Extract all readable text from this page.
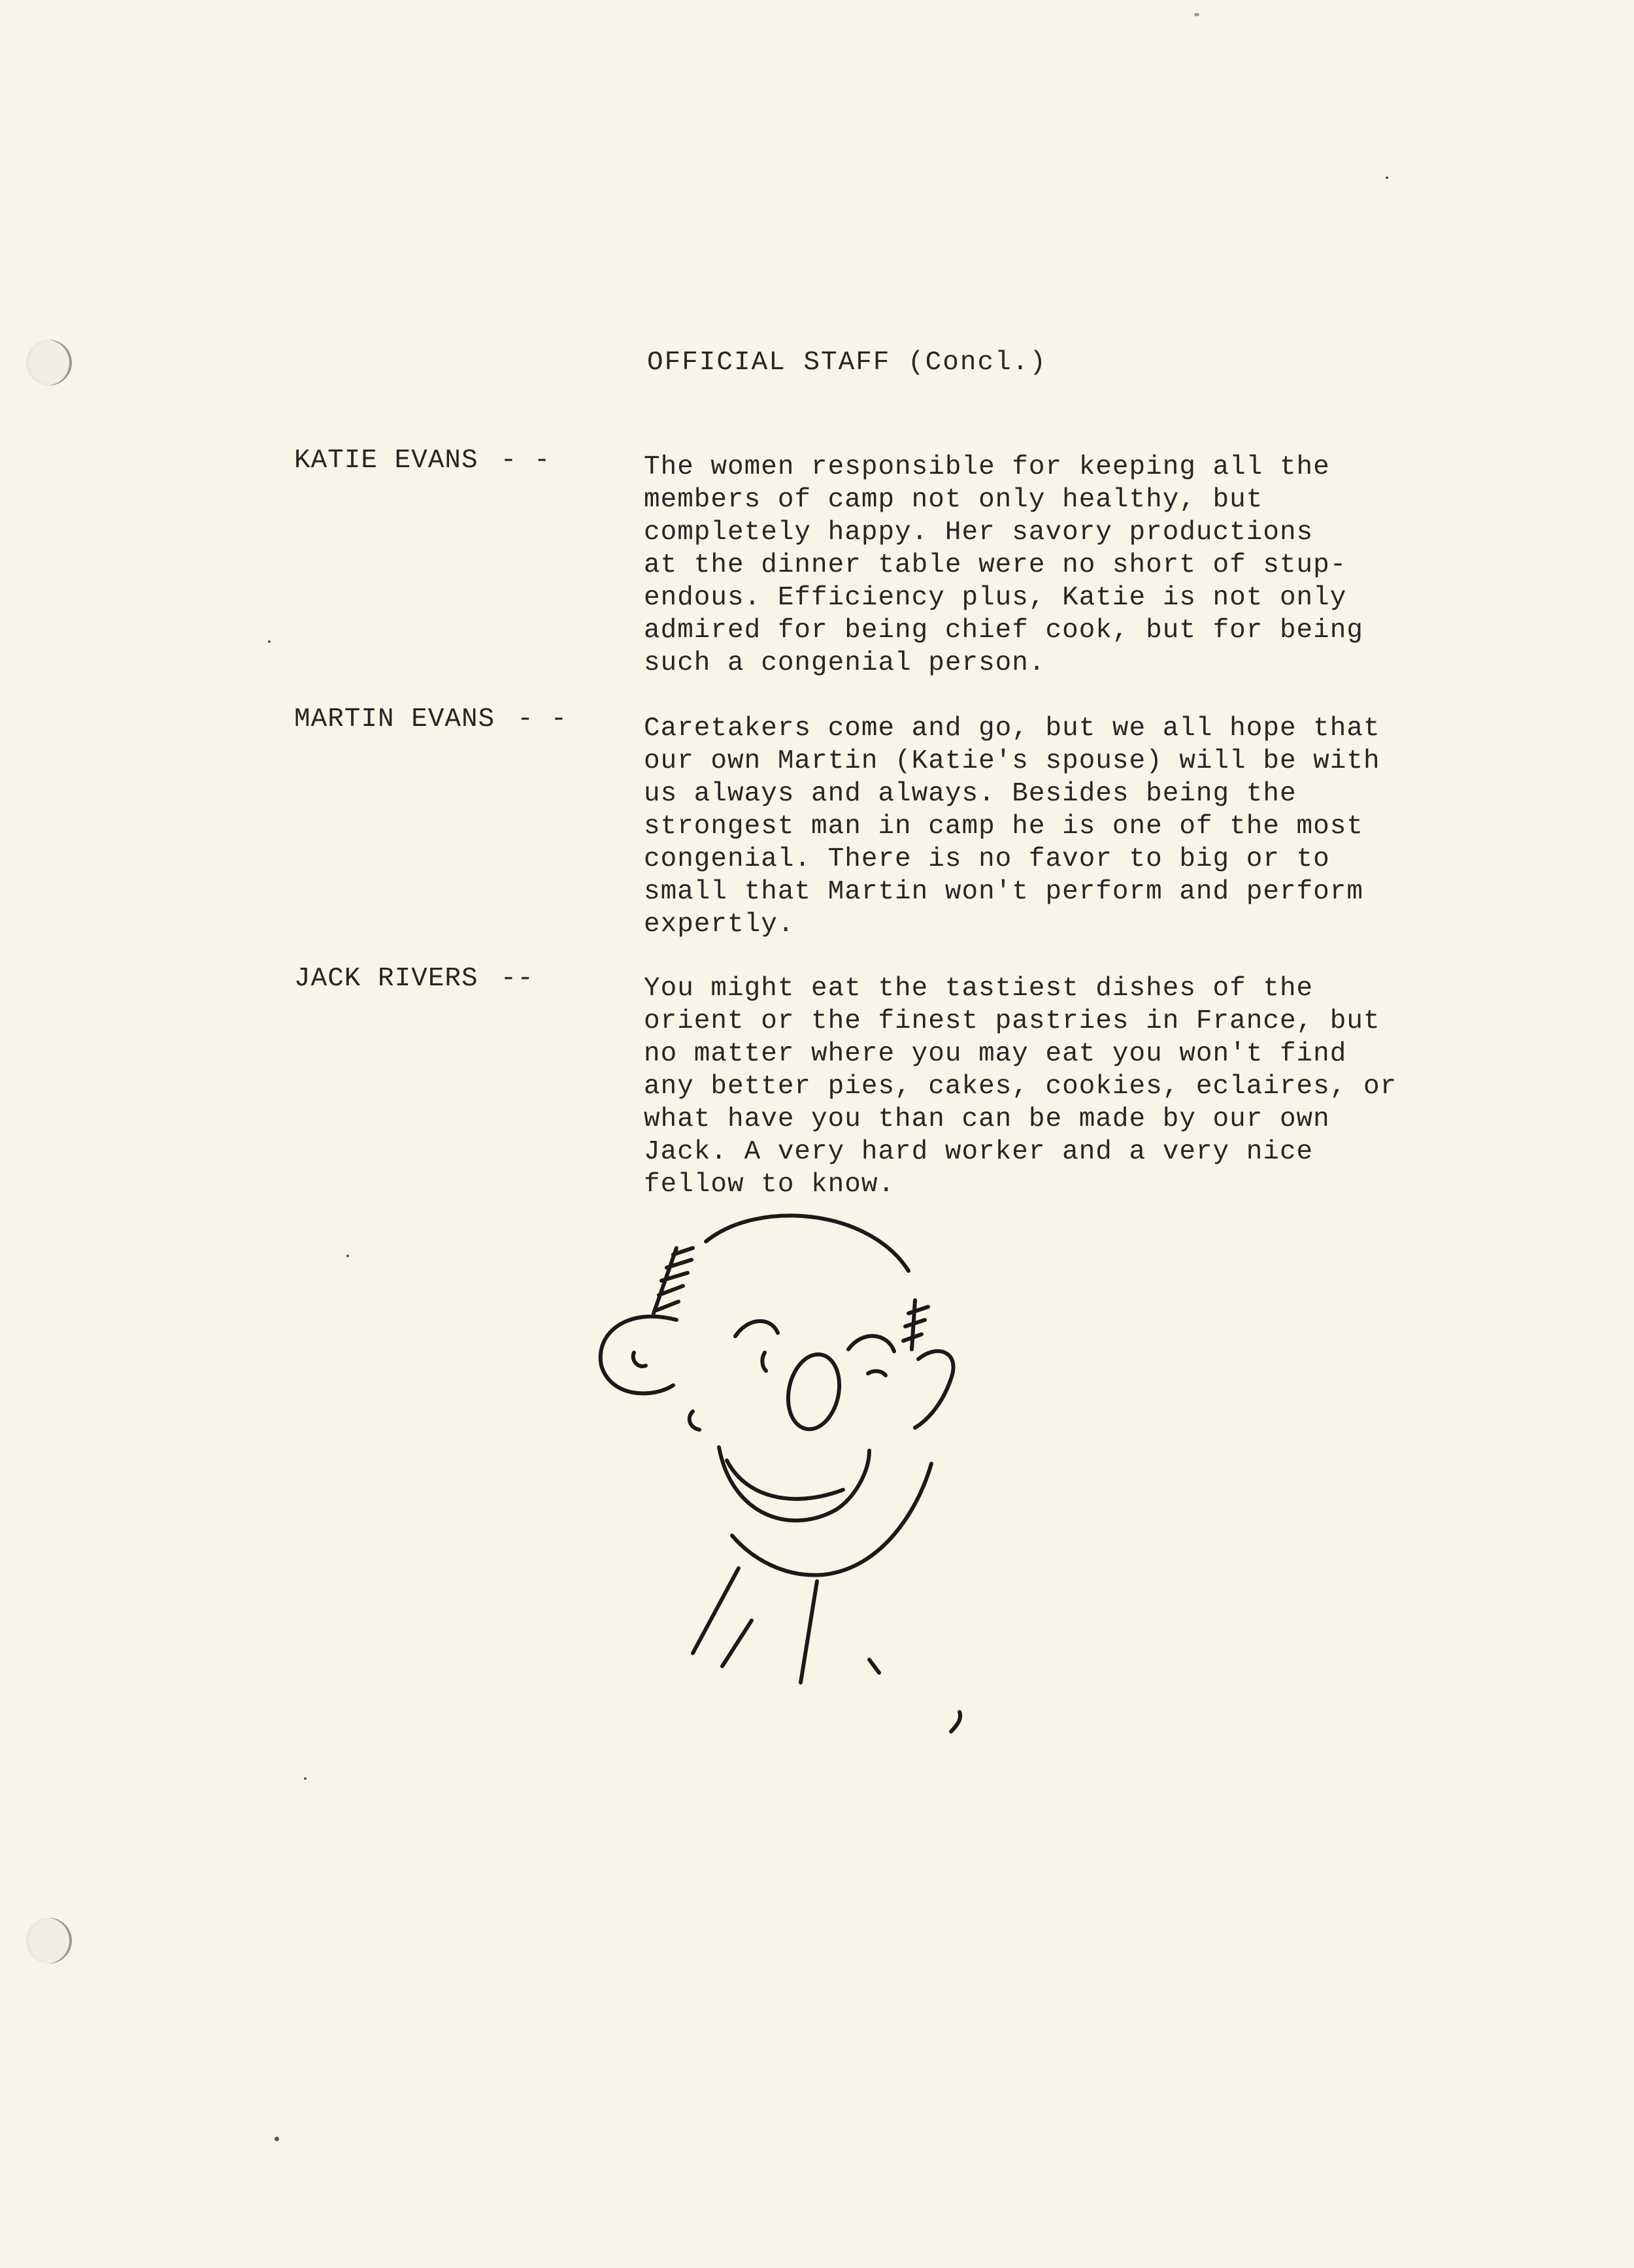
OFFICIAL STAFF (Concl.)
KATIE EVANS - -	The women responsible for keeping all the
members of camp not only healthy, but
completely happy. Her savory productions
at the dinner table were no short of stup-
endous. Efficiency plus, Katie is not only
admired for being chief cook, but for being
such a congenial person.
MARTIN EVANS - -	Caretakers come and go, but we all hope that
our own Martin (Katie's spouse) will be with
us always and always. Besides being the
strongest man in camp he is one of the most
congenial. There is no favor to big or to
small that Martin won't perform and perform
expertly.
JACK RIVERS --	You might eat the tastiest dishes of the
orient or the finest pastries in France, but
no matter where you may eat you won't find
any better pies, cakes, cookies, eclaires, or
what have you than can be made by our own
Jack. A very hard worker and a very nice
fellow to know.
